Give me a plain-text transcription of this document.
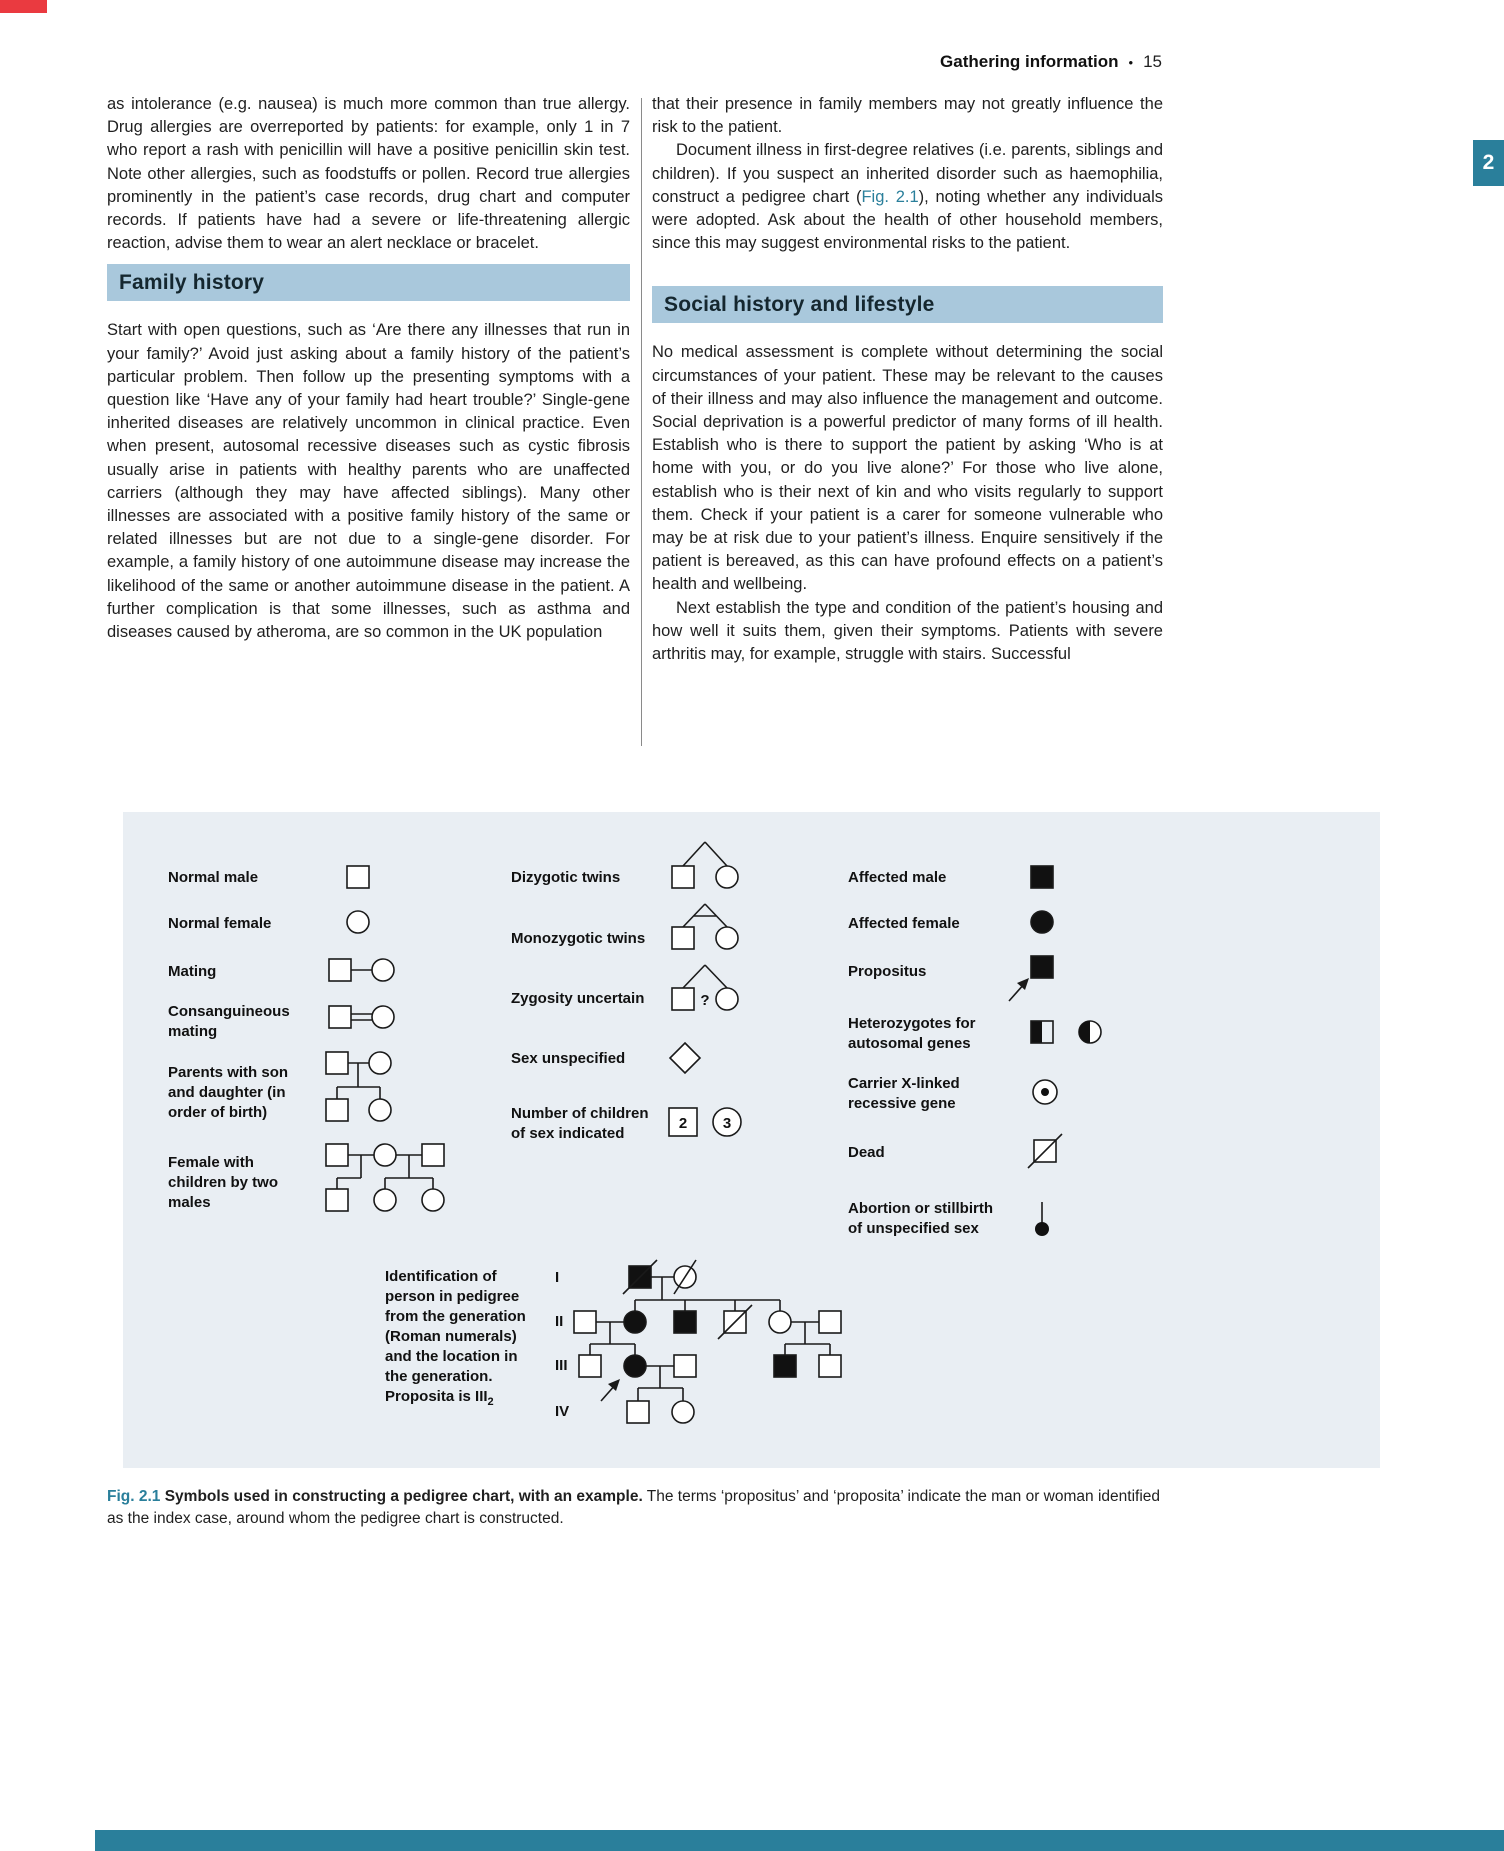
Gathering information • 15
2

as intolerance (e.g. nausea) is much more common than true allergy. Drug allergies are overreported by patients: for example, only 1 in 7 who report a rash with penicillin will have a positive penicillin skin test. Note other allergies, such as foodstuffs or pollen. Record true allergies prominently in the patient’s case records, drug chart and computer records. If patients have had a severe or life-threatening allergic reaction, advise them to wear an alert necklace or bracelet.

Family history

Start with open questions, such as ‘Are there any illnesses that run in your family?’ Avoid just asking about a family history of the patient’s particular problem. Then follow up the presenting symptoms with a question like ‘Have any of your family had heart trouble?’ Single-gene inherited diseases are relatively uncommon in clinical practice. Even when present, autosomal recessive diseases such as cystic fibrosis usually arise in patients with healthy parents who are unaffected carriers (although they may have affected siblings). Many other illnesses are associated with a positive family history of the same or related illnesses but are not due to a single-gene disorder. For example, a family history of one autoimmune disease may increase the likelihood of the same or another autoimmune disease in the patient. A further complication is that some illnesses, such as asthma and diseases caused by atheroma, are so common in the UK population

that their presence in family members may not greatly influence the risk to the patient.

Document illness in first-degree relatives (i.e. parents, siblings and children). If you suspect an inherited disorder such as haemophilia, construct a pedigree chart (Fig. 2.1), noting whether any individuals were adopted. Ask about the health of other household members, since this may suggest environmental risks to the patient.

Social history and lifestyle

No medical assessment is complete without determining the social circumstances of your patient. These may be relevant to the causes of their illness and may also influence the management and outcome. Social deprivation is a powerful predictor of many forms of ill health. Establish who is there to support the patient by asking ‘Who is at home with you, or do you live alone?’ For those who live alone, establish who is their next of kin and who visits regularly to support them. Check if your patient is a carer for someone vulnerable who may be at risk due to your patient’s illness. Enquire sensitively if the patient is bereaved, as this can have profound effects on a patient’s health and wellbeing.

Next establish the type and condition of the patient’s housing and how well it suits them, given their symptoms. Patients with severe arthritis may, for example, struggle with stairs. Successful

?
2 3
Normal male
Normal female
Mating
Consanguineous mating
Parents with son and daughter (in order of birth)
Female with children by two males
Dizygotic twins
Monozygotic twins
Zygosity uncertain
Sex unspecified
Number of children of sex indicated
Affected male
Affected female
Propositus
Heterozygotes for autosomal genes
Carrier X-linked recessive gene
Dead
Abortion or stillbirth of unspecified sex
Identification of person in pedigree from the generation (Roman numerals) and the location in the generation. Proposita is $III_2$
I
II
III
IV
Fig. 2.1 Symbols used in constructing a pedigree chart, with an example. The terms ‘propositus’ and ‘proposita’ indicate the man or woman identified as the index case, around whom the pedigree chart is constructed.
